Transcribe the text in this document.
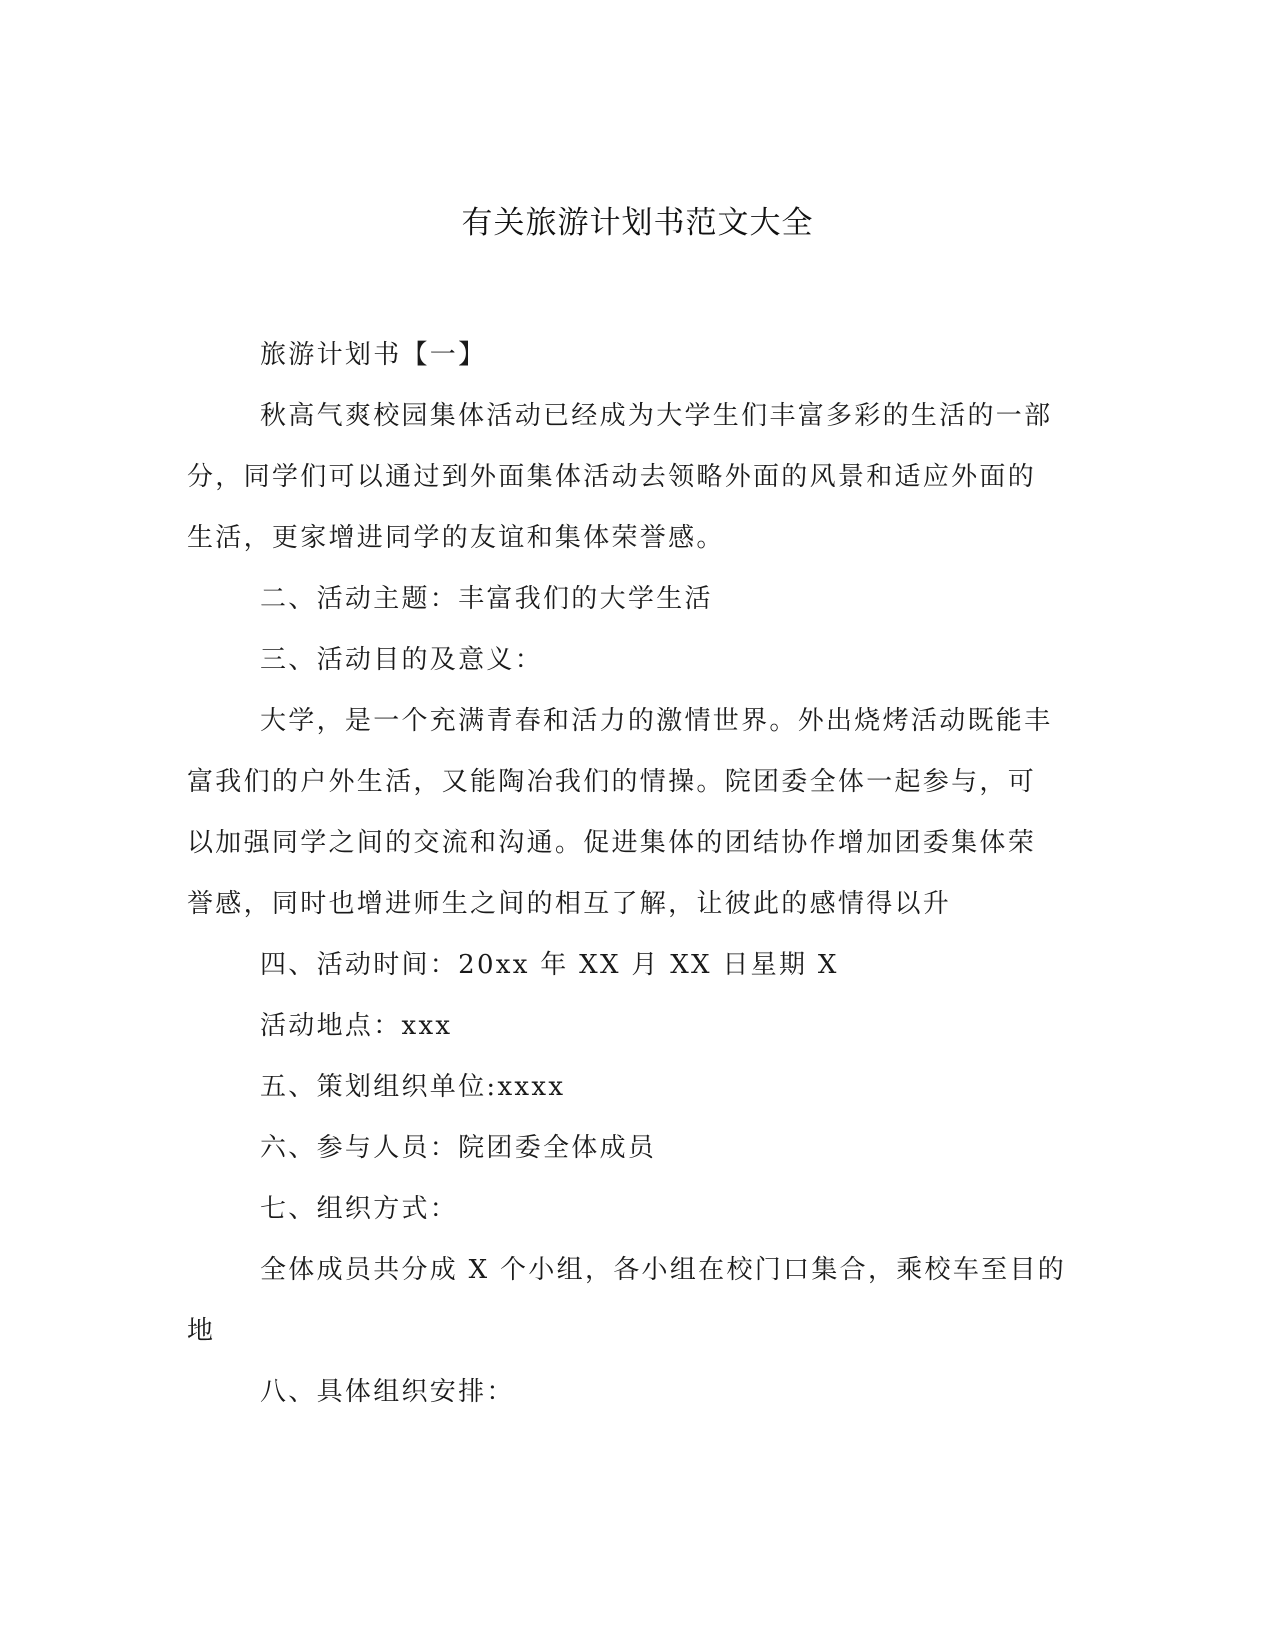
有关旅游计划书范文大全
旅游计划书【一】
秋高气爽校园集体活动已经成为大学生们丰富多彩的生活的一部
分，同学们可以通过到外面集体活动去领略外面的风景和适应外面的
生活，更家增进同学的友谊和集体荣誉感。
二、活动主题：丰富我们的大学生活
三、活动目的及意义：
大学，是一个充满青春和活力的激情世界。外出烧烤活动既能丰
富我们的户外生活，又能陶冶我们的情操。院团委全体一起参与，可
以加强同学之间的交流和沟通。促进集体的团结协作增加团委集体荣
誉感，同时也增进师生之间的相互了解，让彼此的感情得以升
四、活动时间：20xx 年 XX 月 XX 日星期 X
活动地点：xxx
五、策划组织单位:xxxx
六、参与人员：院团委全体成员
七、组织方式：
全体成员共分成 X 个小组，各小组在校门口集合，乘校车至目的
地
八、具体组织安排：
